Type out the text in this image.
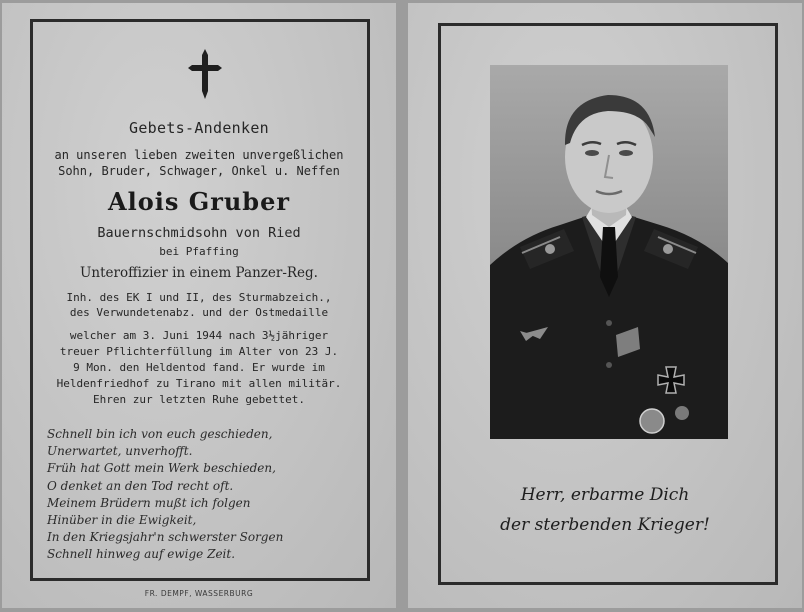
Gebets-Andenken
an unseren lieben zweiten unvergeßlichen
Sohn, Bruder, Schwager, Onkel u. Neffen
Alois Gruber
Bauernschmidsohn von Ried
bei Pfaffing
Unteroffizier in einem Panzer-Reg.
Inh. des EK I und II, des Sturmabzeich.,
des Verwundetenabz. und der Ostmedaille
welcher am 3. Juni 1944 nach 3½jähriger
treuer Pflichterfüllung im Alter von 23 J.
9 Mon. den Heldentod fand. Er wurde im
Heldenfriedhof zu Tirano mit allen militär.
Ehren zur letzten Ruhe gebettet.
Schnell bin ich von euch geschieden,
Unerwartet, unverhofft.
Früh hat Gott mein Werk beschieden,
O denket an den Tod recht oft.
Meinem Brüdern mußt ich folgen
Hinüber in die Ewigkeit,
In den Kriegsjahr'n schwerster Sorgen
Schnell hinweg auf ewige Zeit.
FR. DEMPF, WASSERBURG
Herr, erbarme Dich
der sterbenden Krieger!
